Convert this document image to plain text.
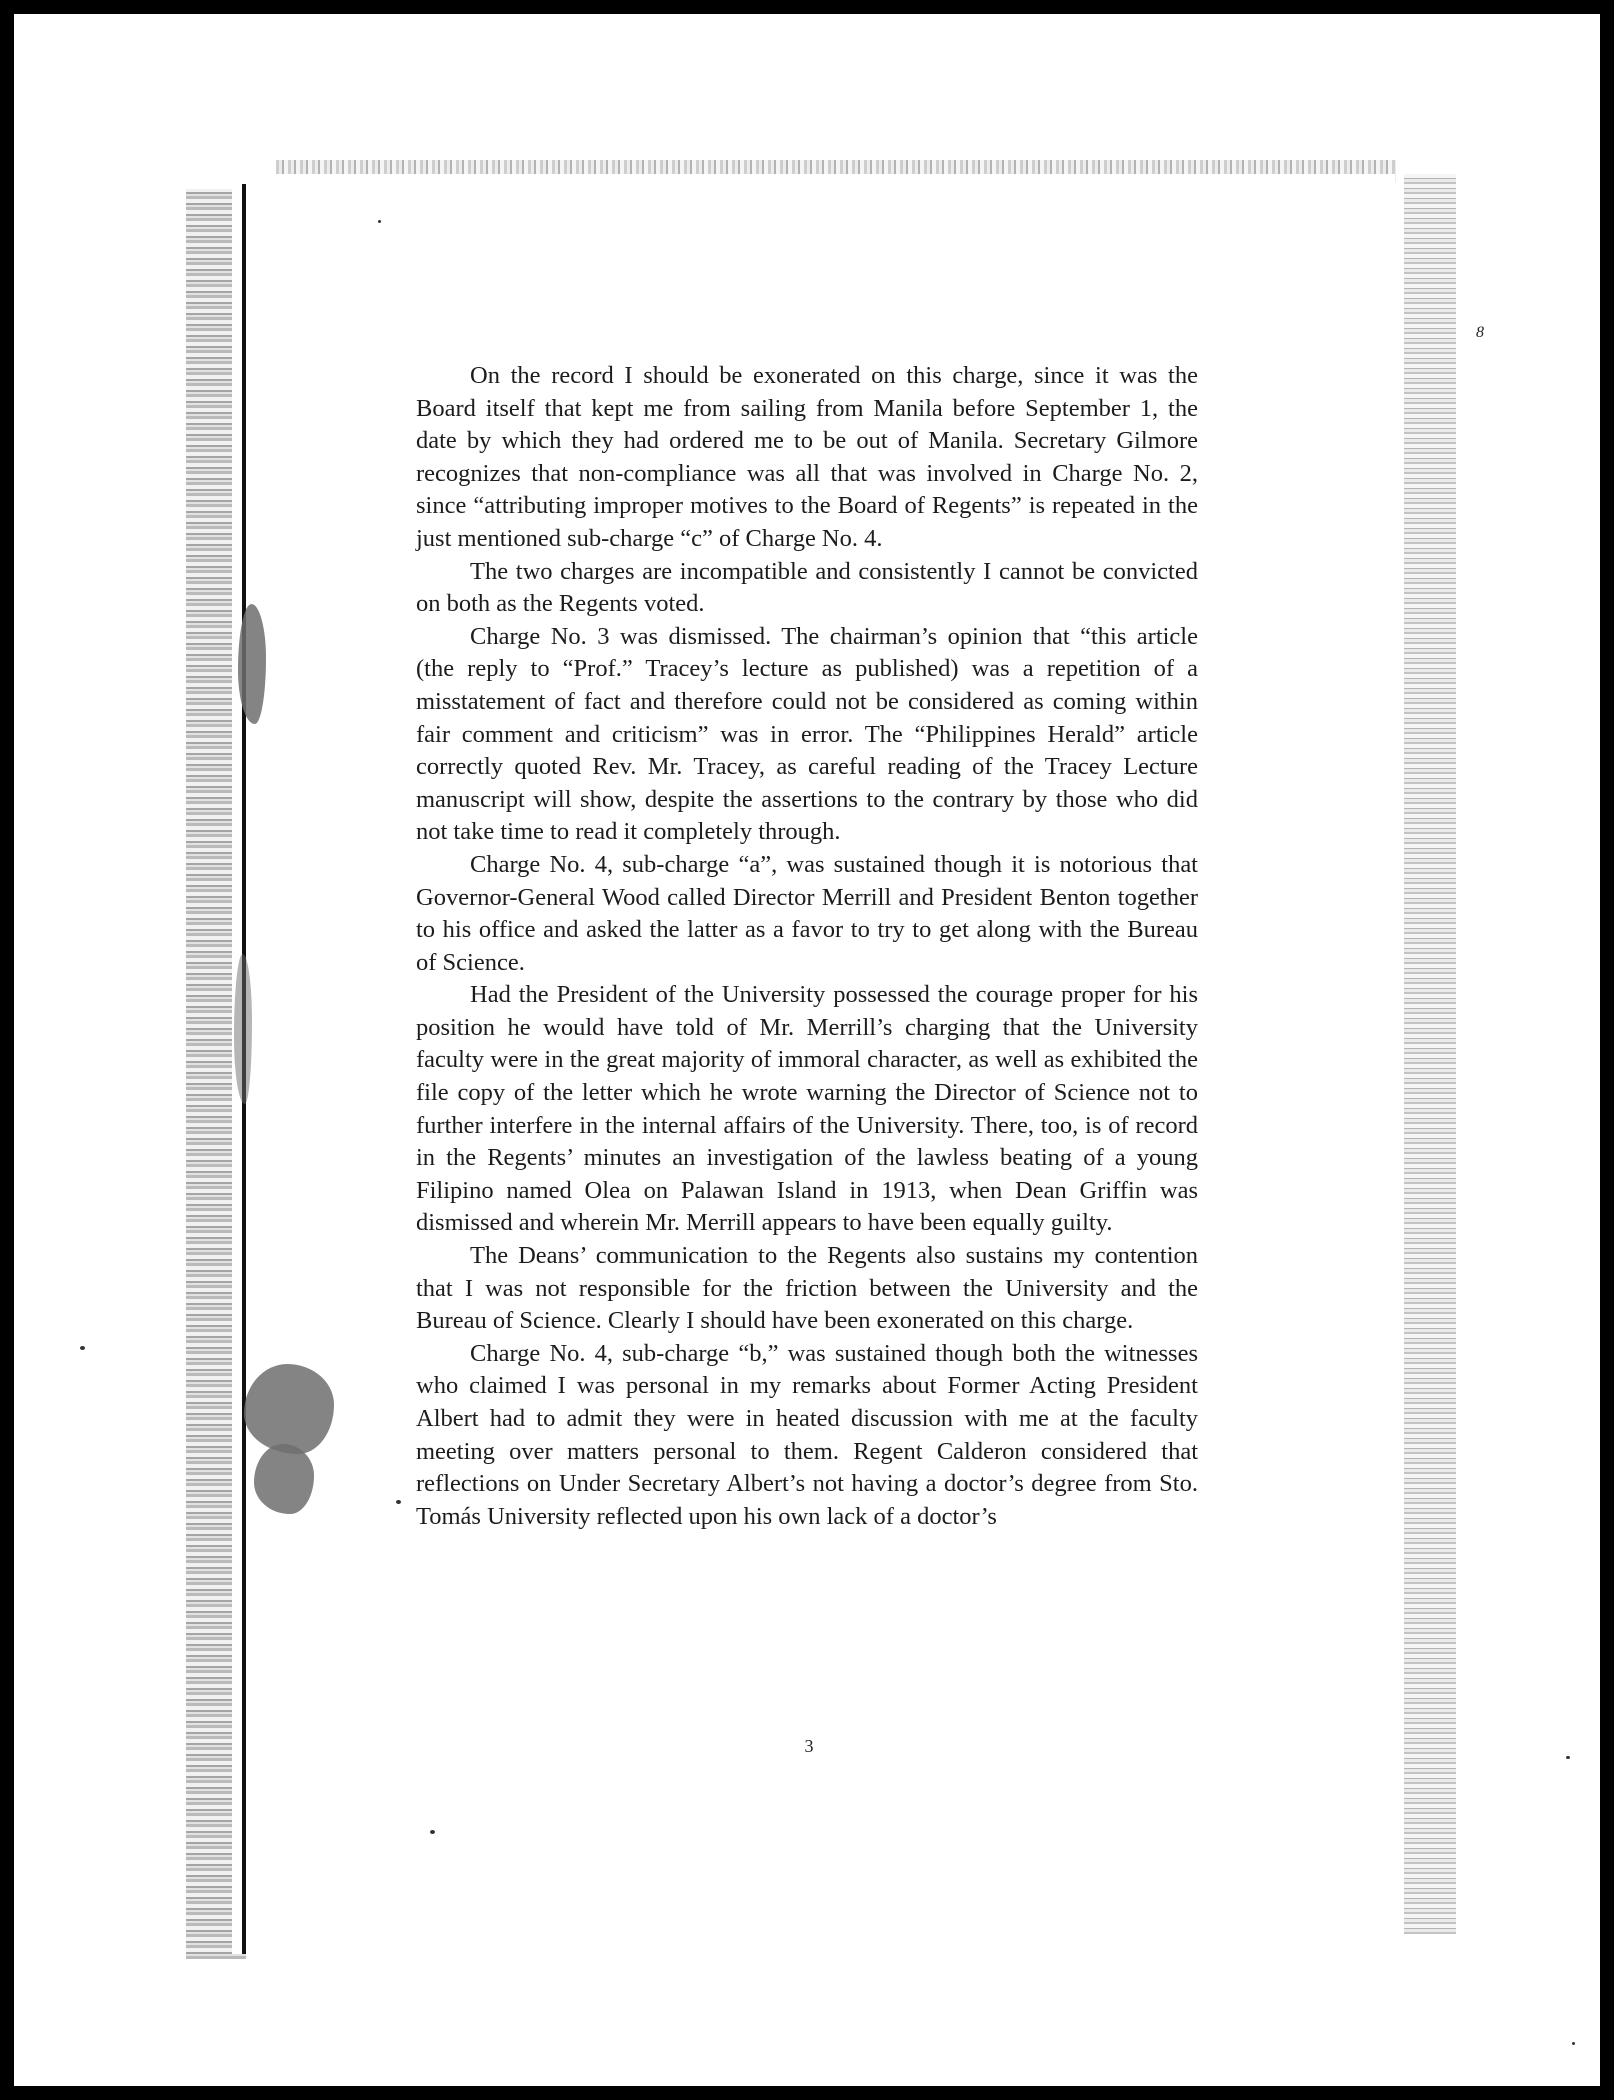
8

On the record I should be exonerated on this charge, since it was the Board itself that kept me from sailing from Manila before September 1, the date by which they had ordered me to be out of Manila. Secretary Gilmore recognizes that non-compliance was all that was involved in Charge No. 2, since “attributing improper motives to the Board of Regents” is repeated in the just mentioned sub-charge “c” of Charge No. 4.

The two charges are incompatible and consistently I cannot be convicted on both as the Regents voted.

Charge No. 3 was dismissed. The chairman’s opinion that “this article (the reply to “Prof.” Tracey’s lecture as published) was a repetition of a misstatement of fact and therefore could not be considered as coming within fair comment and criticism” was in error. The “Philippines Herald” article correctly quoted Rev. Mr. Tracey, as careful reading of the Tracey Lecture manuscript will show, despite the assertions to the contrary by those who did not take time to read it completely through.

Charge No. 4, sub-charge “a”, was sustained though it is notorious that Governor-General Wood called Director Merrill and President Benton together to his office and asked the latter as a favor to try to get along with the Bureau of Science.

Had the President of the University possessed the courage proper for his position he would have told of Mr. Merrill’s charging that the University faculty were in the great majority of immoral character, as well as exhibited the file copy of the letter which he wrote warning the Director of Science not to further interfere in the internal affairs of the University. There, too, is of record in the Regents’ minutes an investigation of the lawless beating of a young Filipino named Olea on Palawan Island in 1913, when Dean Griffin was dismissed and wherein Mr. Merrill appears to have been equally guilty.

The Deans’ communication to the Regents also sustains my contention that I was not responsible for the friction between the University and the Bureau of Science. Clearly I should have been exonerated on this charge.

Charge No. 4, sub-charge “b,” was sustained though both the witnesses who claimed I was personal in my remarks about Former Acting President Albert had to admit they were in heated discussion with me at the faculty meeting over matters personal to them. Regent Calderon considered that reflections on Under Secretary Albert’s not having a doctor’s degree from Sto. Tomás University reflected upon his own lack of a doctor’s

3
